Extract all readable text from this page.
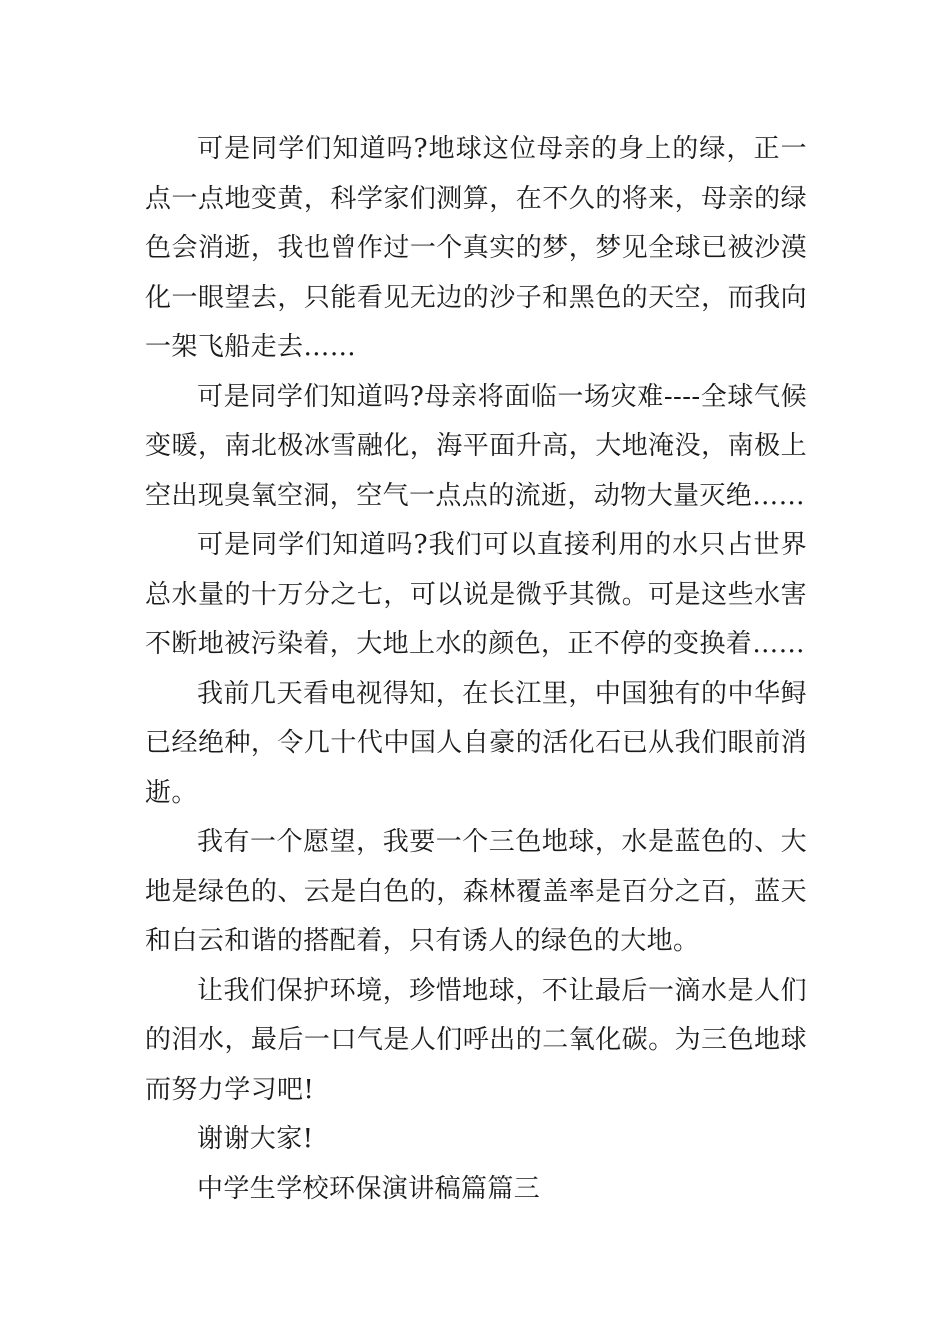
可是同学们知道吗?地球这位母亲的身上的绿，正一点一点地变黄，科学家们测算，在不久的将来，母亲的绿色会消逝，我也曾作过一个真实的梦，梦见全球已被沙漠化一眼望去，只能看见无边的沙子和黑色的天空，而我向一架飞船走去……

可是同学们知道吗?母亲将面临一场灾难----全球气候变暖，南北极冰雪融化，海平面升高，大地淹没，南极上空出现臭氧空洞，空气一点点的流逝，动物大量灭绝……

可是同学们知道吗?我们可以直接利用的水只占世界总水量的十万分之七，可以说是微乎其微。可是这些水害不断地被污染着，大地上水的颜色，正不停的变换着……

我前几天看电视得知，在长江里，中国独有的中华鲟已经绝种，令几十代中国人自豪的活化石已从我们眼前消逝。

我有一个愿望，我要一个三色地球，水是蓝色的、大地是绿色的、云是白色的，森林覆盖率是百分之百，蓝天和白云和谐的搭配着，只有诱人的绿色的大地。

让我们保护环境，珍惜地球，不让最后一滴水是人们的泪水，最后一口气是人们呼出的二氧化碳。为三色地球而努力学习吧!

谢谢大家!

中学生学校环保演讲稿篇篇三
